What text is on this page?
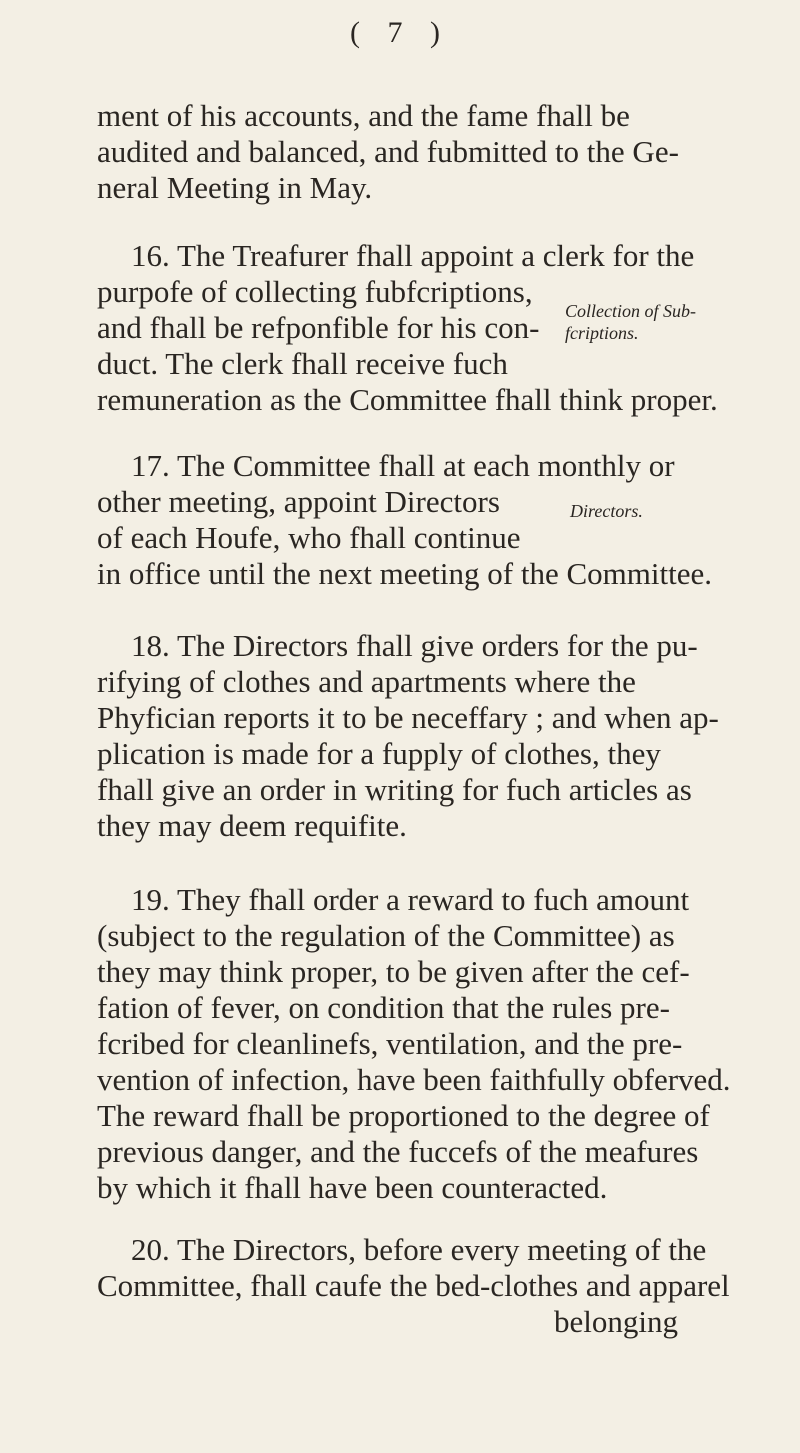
( 7 )
ment of his accounts, and the fame fhall be
audited and balanced, and fubmitted to the Ge-
neral Meeting in May.
16. The Treafurer fhall appoint a clerk for the
purpofe of collecting fubfcriptions,
and fhall be refponfible for his con-
duct. The clerk fhall receive fuch
remuneration as the Committee fhall think proper.
Collection of Sub-
fcriptions.
17. The Committee fhall at each monthly or
other meeting, appoint Directors
of each Houfe, who fhall continue
in office until the next meeting of the Committee.
Directors.
18. The Directors fhall give orders for the pu-
rifying of clothes and apartments where the
Phyfician reports it to be neceffary ; and when ap-
plication is made for a fupply of clothes, they
fhall give an order in writing for fuch articles as
they may deem requifite.
19. They fhall order a reward to fuch amount
(subject to the regulation of the Committee) as
they may think proper, to be given after the cef-
fation of fever, on condition that the rules pre-
fcribed for cleanlinefs, ventilation, and the pre-
vention of infection, have been faithfully obferved.
The reward fhall be proportioned to the degree of
previous danger, and the fuccefs of the meafures
by which it fhall have been counteracted.
20. The Directors, before every meeting of the
Committee, fhall caufe the bed-clothes and apparel
belonging
